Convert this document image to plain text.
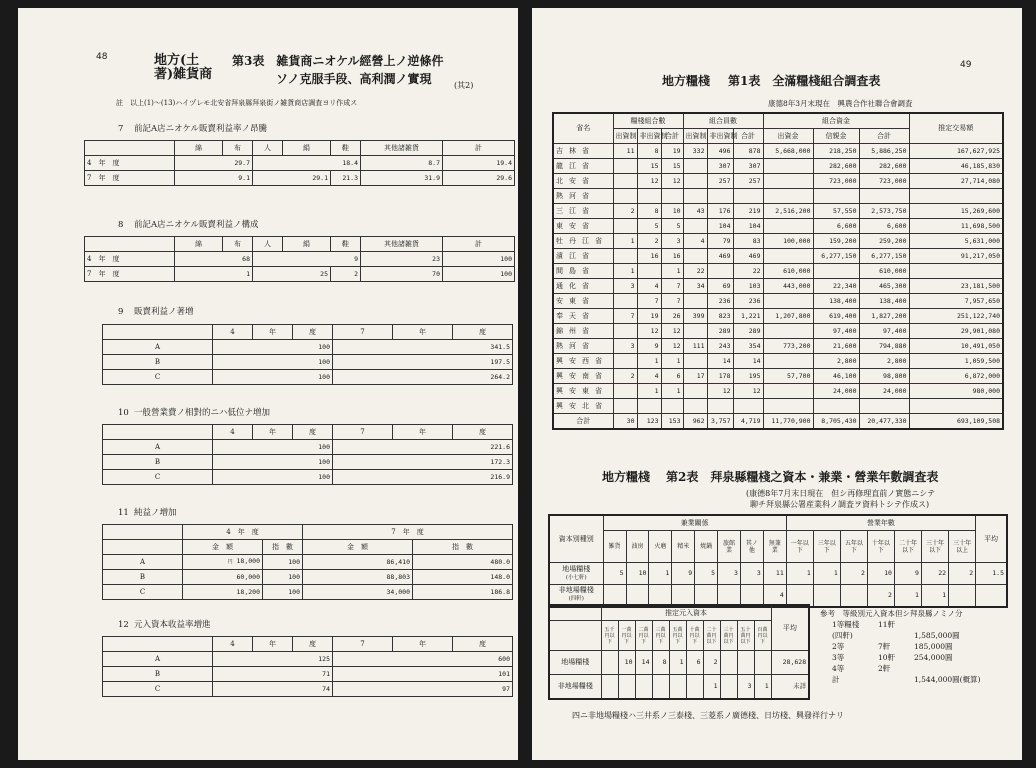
48	地方(土著)雑貨商
第3表　雑貨商ニオケル經營上ノ逆條件
ソノ克服手段、高利潤ノ實現	(其2)
註　以上(1)～(13)ハイヅレモ北安省拜泉縣拜泉街ノ雑貨商店調査ヨリ作成ス
7 前記A店ニオケル販賣利益率ノ昂騰
	綿	布	人	絹	鞋	其他諸雑貨	計
4　年　度	29.7		18.4			8.7	19.4
7　年　度	9.1		29.1		21.3	31.9	29.6
8 前記A店ニオケル販賣利益ノ構成
	綿	布	人	絹	鞋	其他諸雑貨	計
4　年　度	68		9			23	100
7　年　度	1		25		2	70	100
9 販賣利益ノ著増
	4	年	度	7	年	度
A	100			341.5		
B	100			197.5		
C	100			264.2		
10 一般營業費ノ相對的ニハ低位ナ増加
	4	年	度	7	年	度
A	100			221.6		
B	100			172.3		
C	100			216.9		
11 純益ノ増加
	4　 年　 度		7　 年　 度	
	金　 額	指　 數	金　 額	指　 數
A	円 18,000	100	86,410	480.0
B	60,000	100	88,803	148.0
C	18,200	100	34,000	186.8
12 元入資本收益率増進
	4	年	度	7	年	度
A	125			600		
B	71			101		
C	74			97		
49
地方糧棧 第1表　全滿糧棧組合調査表
康德8年3月末現在　興農合作社聯合會調査
省名	糧棧組合數			組合員數			組合資金			推定交易額
	出資制	非出資制	合計	出資制	非出資制	合計	出資金	信親金	合計	
吉林省	11	8	19	332	496	878	5,668,000	218,250	5,886,250	167,627,925
龍江省		15	15		307	307		282,600	282,600	46,185,830
北安省		12	12		257	257		723,000	723,000	27,714,080
熱河省										
三江省	2	8	10	43	176	219	2,516,200	57,550	2,573,750	15,269,600
東安省		5	5		104	104		6,600	6,600	11,698,500
牡丹江省	1	2	3	4	79	83	100,000	159,200	259,200	5,631,000
濱江省		16	16		469	469		6,277,150	6,277,150	91,217,050
間島省	1		1	22		22	610,000		610,000	
通化省	3	4	7	34	69	103	443,000	22,340	465,300	23,181,500
安東省		7	7		236	236		138,400	138,400	7,957,650
奉天省	7	19	26	399	823	1,221	1,207,800	619,400	1,827,200	251,122,740
錦州省		12	12		289	289		97,400	97,400	29,901,080
熱河省	3	9	12	111	243	354	773,200	21,600	794,880	10,491,050
興安西省		1	1		14	14		2,800	2,800	1,059,500
興安南省	2	4	6	17	178	195	57,700	46,100	98,800	6,872,000
興安東省		1	1		12	12		24,000	24,000	980,000
興安北省										
合計	30	123	153	962	3,757	4,719	11,770,900	8,705,430	20,477,330	693,109,508
地方糧棧 第2表　拜泉縣糧棧之資本・兼業・營業年數調査表
(康德8年7月末日現在　但シ再修理直前ノ實態ニシテ
聊チ拜泉縣公署産業科ノ調査ヲ資料トシテ作成ス)
資本別種別	兼業關係								營業年數							平均
	雑貨	油房	火磨	精米	焼鍋	旅館業	其ノ他	無兼業	一年以下	三年以下	五年以下	十年以下	二十年以下	三十年以下	三十年以上	

地場糧棧
(小七軒)	5	10	1	9	5	3	3	11	1	1	2	10	9	22	2	1.5

非地場糧棧
(四軒)								4				2	1	1		
	推定元入資本										平均
	五千円以下	一萬円以下	二萬円以下	三萬円以下	五萬円以下	十萬円以下	二十萬円以下	三十萬円以下	五十萬円以下	百萬円以下	
地場糧棧		10	14	8	1	6	2				28,628
非地場糧棧							1		3	1	未詳
參考　等級別元入資本但シ拜泉縣ノミノ分
1等糧棧 11軒
(四軒)	1,585,000圓
2等	7軒	185,000圓
3等	10軒	254,000圓
4等	2軒
計	1,544,000圓(概算)
四ニ非地場糧棧ハ三井系ノ三泰棧、三菱系ノ廣德棧、日坊棧、興發祥行ナリ
